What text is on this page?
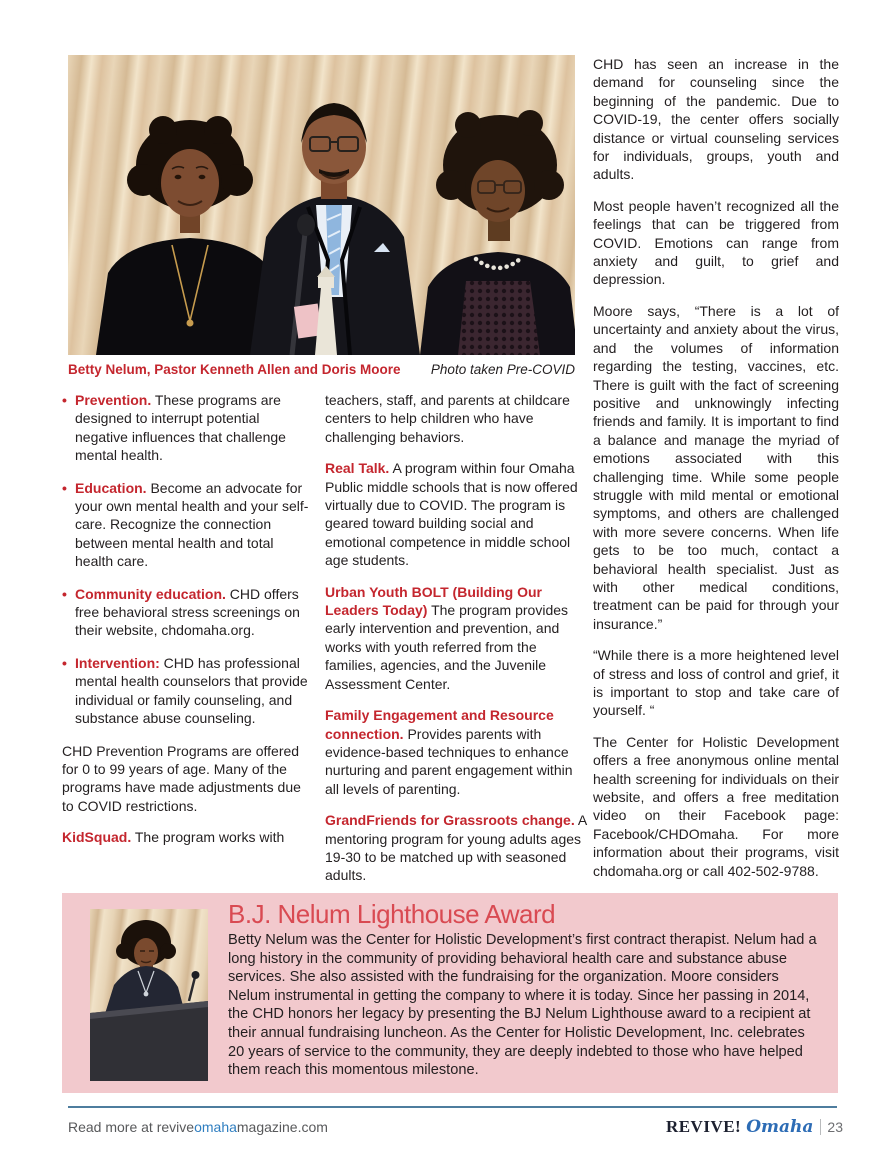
Betty Nelum, Pastor Kenneth Allen and Doris Moore Photo taken Pre-COVID
• Prevention. These programs are designed to interrupt potential negative influences that challenge mental health.
• Education. Become an advocate for your own mental health and your self-care. Recognize the connection between mental health and total health care.
• Community education. CHD offers free behavioral stress screenings on their website, chdomaha.org.
• Intervention: CHD has professional mental health counselors that provide individual or family counseling, and substance abuse counseling.

CHD Prevention Programs are offered for 0 to 99 years of age. Many of the programs have made adjustments due to COVID restrictions.

KidSquad. The program works with

teachers, staff, and parents at childcare centers to help children who have challenging behaviors.

Real Talk. A program within four Omaha Public middle schools that is now offered virtually due to COVID. The program is geared toward building social and emotional competence in middle school age students.

Urban Youth BOLT (Building Our Leaders Today) The program provides early intervention and prevention, and works with youth referred from the families, agencies, and the Juvenile Assessment Center.

Family Engagement and Resource connection. Provides parents with evidence-based techniques to enhance nurturing and parent engagement within all levels of parenting.

GrandFriends for Grassroots change. A mentoring program for young adults ages 19-30 to be matched up with seasoned adults.

CHD has seen an increase in the demand for counseling since the beginning of the pandemic. Due to COVID-19, the center offers socially distance or virtual counseling services for individuals, groups, youth and adults.

Most people haven’t recognized all the feelings that can be triggered from COVID. Emotions can range from anxiety and guilt, to grief and depression.

Moore says, “There is a lot of uncertainty and anxiety about the virus, and the volumes of information regarding the testing, vaccines, etc. There is guilt with the fact of screening positive and unknowingly infecting friends and family. It is important to find a balance and manage the myriad of emotions associated with this challenging time. While some people struggle with mild mental or emotional symptoms, and others are challenged with more severe concerns. When life gets to be too much, contact a behavioral health specialist. Just as with other medical conditions, treatment can be paid for through your insurance.”

“While there is a more heightened level of stress and loss of control and grief, it is important to stop and take care of yourself. “

The Center for Holistic Development offers a free anonymous online mental health screening for individuals on their website, and offers a free meditation video on their Facebook page: Facebook/CHDOmaha. For more information about their programs, visit chdomaha.org or call 402-502-9788.

B.J. Nelum Lighthouse Award

Betty Nelum was the Center for Holistic Development’s first contract therapist. Nelum had a long history in the community of providing behavioral health care and substance abuse services. She also assisted with the fundraising for the organization. Moore considers Nelum instrumental in getting the company to where it is today. Since her passing in 2014, the CHD honors her legacy by presenting the BJ Nelum Lighthouse award to a recipient at their annual fundraising luncheon. As the Center for Holistic Development, Inc. celebrates 20 years of service to the community, they are deeply indebted to those who have helped them reach this momentous milestone.

Read more at reviveomahamagazine.com	REVIVE! Omaha	23
